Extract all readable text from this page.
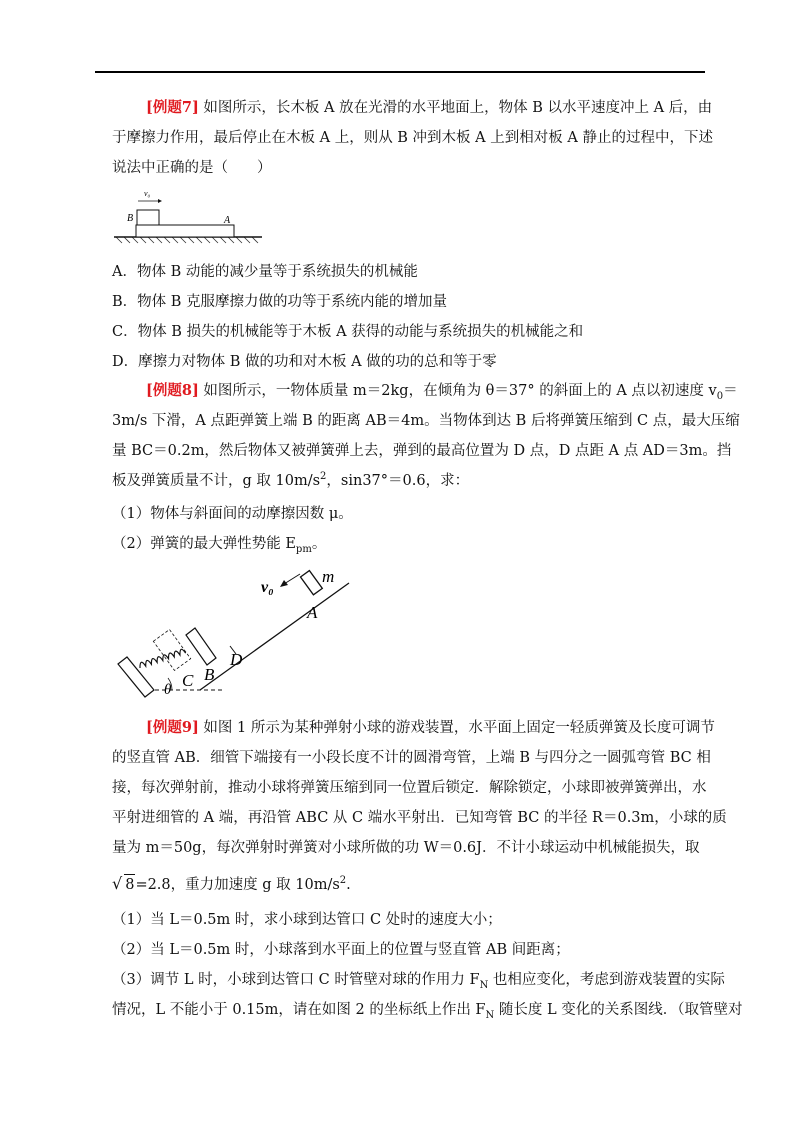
[例题7] 如图所示，长木板 A 放在光滑的水平地面上，物体 B 以水平速度冲上 A 后，由
于摩擦力作用，最后停止在木板 A 上，则从 B 冲到木板 A 上到相对板 A 静止的过程中，下述
说法中正确的是（　　）
v₀
B	A
A．物体 B 动能的减少量等于系统损失的机械能
B．物体 B 克服摩擦力做的功等于系统内能的增加量
C．物体 B 损失的机械能等于木板 A 获得的动能与系统损失的机械能之和
D．摩擦力对物体 B 做的功和对木板 A 做的功的总和等于零
[例题8] 如图所示，一物体质量 m＝2kg，在倾角为 θ＝37° 的斜面上的 A 点以初速度 $v_0=$
3m/s 下滑，A 点距弹簧上端 B 的距离 AB＝4m。当物体到达 B 后将弹簧压缩到 C 点，最大压缩
量 BC＝0.2m，然后物体又被弹簧弹上去，弹到的最高位置为 D 点，D 点距 A 点 AD＝3m。挡
板及弹簧质量不计，g 取 $10m/s^2$，sin37°＝0.6，求：
（1）物体与斜面间的动摩擦因数 μ。
（2）弹簧的最大弹性势能 $E_{pm}$。
v₀
m
A
D
B
C
θ
[例题9] 如图 1 所示为某种弹射小球的游戏装置，水平面上固定一轻质弹簧及长度可调节
的竖直管 AB．细管下端接有一小段长度不计的圆滑弯管，上端 B 与四分之一圆弧弯管 BC 相
接，每次弹射前，推动小球将弹簧压缩到同一位置后锁定．解除锁定，小球即被弹簧弹出，水
平射进细管的 A 端，再沿管 ABC 从 C 端水平射出．已知弯管 BC 的半径 R＝0.3m，小球的质
量为 m＝50g，每次弹射时弹簧对小球所做的功 W＝0.6J．不计小球运动中机械能损失，取
√ 8=2.8，重力加速度 g 取 $10m/s^2$.
（1）当 L＝0.5m 时，求小球到达管口 C 处时的速度大小；
（2）当 L＝0.5m 时，小球落到水平面上的位置与竖直管 AB 间距离；
（3）调节 L 时，小球到达管口 C 时管壁对球的作用力 $F_N$ 也相应变化，考虑到游戏装置的实际
情况，L 不能小于 0.15m，请在如图 2 的坐标纸上作出 $F_N$ 随长度 L 变化的关系图线．（取管壁对
